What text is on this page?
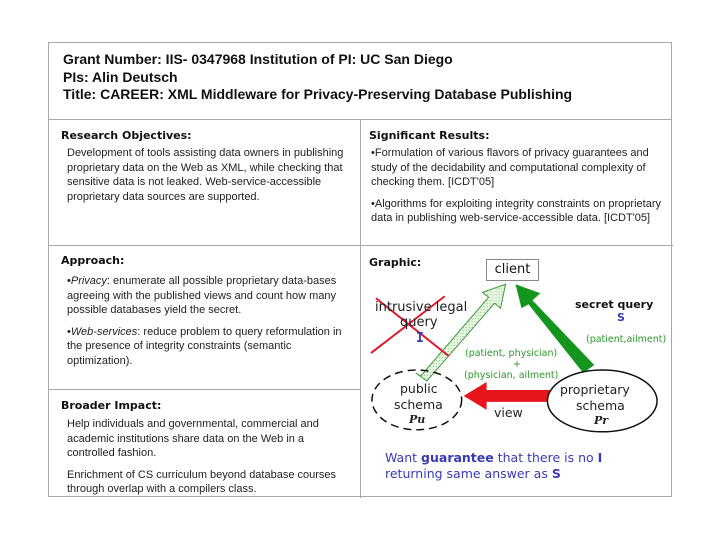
Grant Number: IIS- 0347968 Institution of PI: UC San Diego
PIs: Alin Deutsch
Title: CAREER: XML Middleware for Privacy-Preserving Database Publishing
Research Objectives:

Development of tools assisting data owners in publishing proprietary data on the Web as XML, while checking that sensitive data is not leaked. Web-service-accessible proprietary data sources are supported.

Significant Results:

•Formulation of various flavors of privacy guarantees and study of the decidability and computational complexity of checking them. [ICDT'05]

•Algorithms for exploiting integrity constraints on proprietary data in publishing web-service-accessible data. [ICDT'05]

Approach:

•Privacy: enumerate all possible proprietary data-bases agreeing with the published views and count how many possible databases yield the secret.

•Web-services: reduce problem to query reformulation in the presence of integrity constraints (semantic optimization).

Broader Impact:

Help individuals and governmental, commercial and academic institutions share data on the Web in a controlled fashion.

Enrichment of CS curriculum beyond database courses through overlap with a compilers class.

Graphic:	client
intrusive legal
query
I
secret query
S
(patient,ailment)
(patient, physician)
+
(physician, ailment)
public
schema
Pu
proprietary
schema
Pr
view
Want guarantee that there is no I
returning same answer as S
